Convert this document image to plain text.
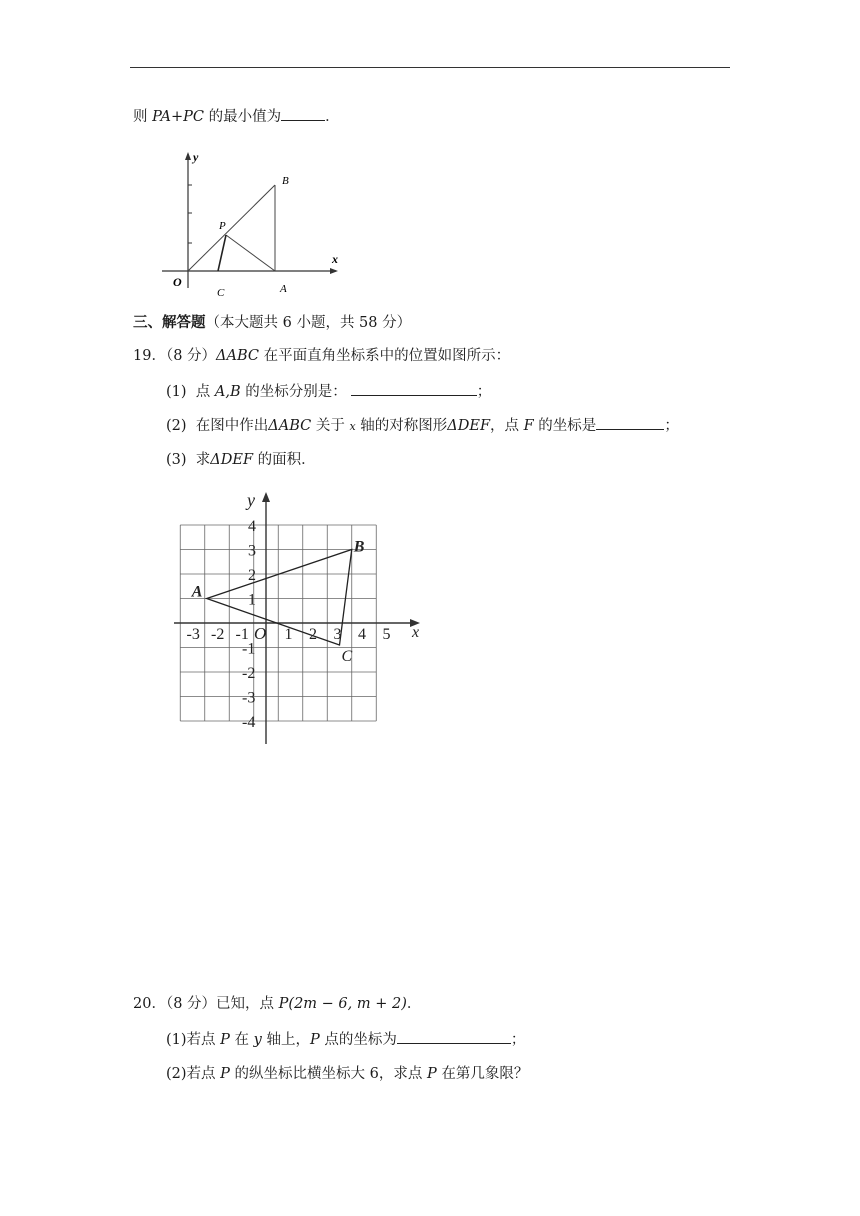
则 PA+PC 的最小值为	．
y
x
O
B
P
C	A
三、解答题（本大题共 6 小题，共 58 分）
19．（8 分）ΔABC 在平面直角坐标系中的位置如图所示：
(1) 点 A,B 的坐标分别是：	；
(2) 在图中作出ΔABC 关于 x 轴的对称图形ΔDEF，点 F 的坐标是	；
(3) 求ΔDEF 的面积．
x
y
-3 -2 -1 1 2 3 4 5
O
4
3
2
1
-1
-2
-3
-4
A
B
C
20．（8 分）已知，点 P(2m − 6, m + 2)．
(1)若点 P 在 y 轴上，P 点的坐标为	；
(2)若点 P 的纵坐标比横坐标大 6，求点 P 在第几象限？
